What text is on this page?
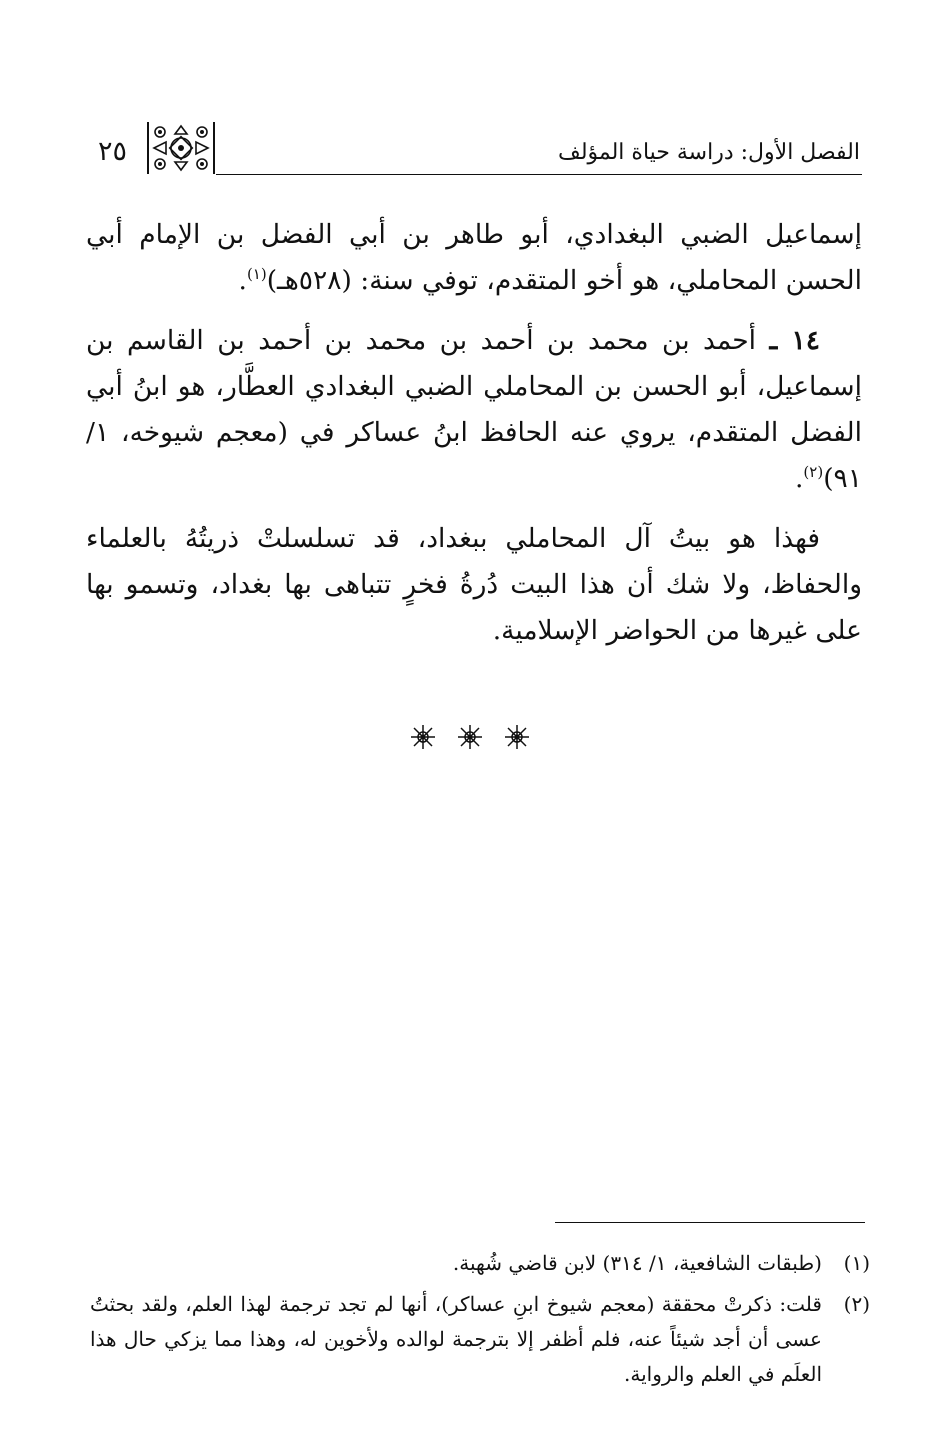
٢٥	الفصل الأول: دراسة حياة المؤلف

إسماعيل الضبي البغدادي، أبو طاهر بن أبي الفضل بن الإمام أبي الحسن المحاملي، هو أخو المتقدم، توفي سنة: (٥٢٨هـ)$^{(١)}$.

١٤ ـ أحمد بن محمد بن أحمد بن محمد بن أحمد بن القاسم بن إسماعيل، أبو الحسن بن المحاملي الضبي البغدادي العطَّار، هو ابنُ أبي الفضل المتقدم، يروي عنه الحافظ ابنُ عساكر في (معجم شيوخه، ١/ ٩١)$^{(٢)}$.

فهذا هو بيتُ آل المحاملي ببغداد، قد تسلسلتْ ذريتُهُ بالعلماء والحفاظ، ولا شك أن هذا البيت دُرةُ فخرٍ تتباهى بها بغداد، وتسمو بها على غيرها من الحواضر الإسلامية.

(١)
(طبقات الشافعية، ١/ ٣١٤) لابن قاضي شُهبة.

(٢)
قلت: ذكرتْ محققة (معجم شيوخ ابنِ عساكر)، أنها لم تجد ترجمة لهذا العلم، ولقد بحثتُ عسى أن أجد شيئاً عنه، فلم أظفر إلا بترجمة لوالده ولأخوين له، وهذا مما يزكي حال هذا العلَم في العلم والرواية.
